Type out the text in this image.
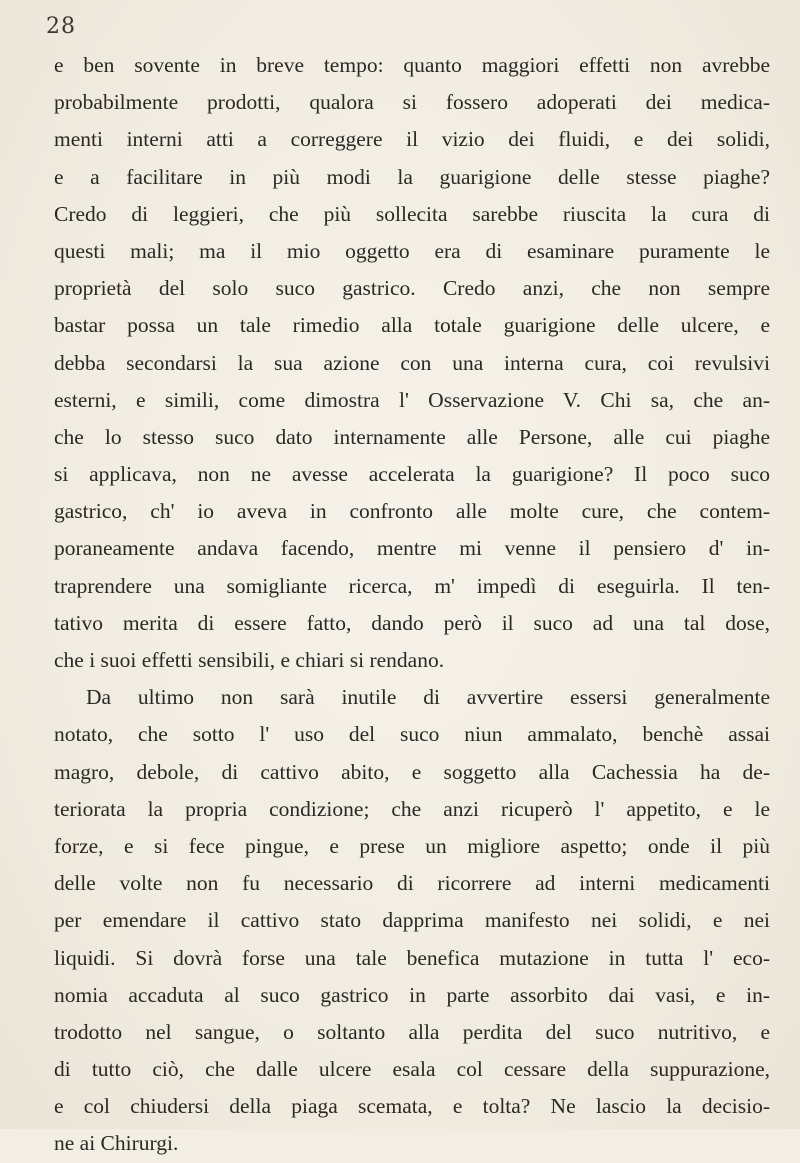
28
e ben sovente in breve tempo: quanto maggiori effetti non avrebbe
probabilmente prodotti, qualora si fossero adoperati dei medica-
menti interni atti a correggere il vizio dei fluidi, e dei solidi,
e a facilitare in più modi la guarigione delle stesse piaghe?
Credo di leggieri, che più sollecita sarebbe riuscita la cura di
questi mali; ma il mio oggetto era di esaminare puramente le
proprietà del solo suco gastrico. Credo anzi, che non sempre
bastar possa un tale rimedio alla totale guarigione delle ulcere, e
debba secondarsi la sua azione con una interna cura, coi revulsivi
esterni, e simili, come dimostra l' Osservazione V. Chi sa, che an-
che lo stesso suco dato internamente alle Persone, alle cui piaghe
si applicava, non ne avesse accelerata la guarigione? Il poco suco
gastrico, ch' io aveva in confronto alle molte cure, che contem-
poraneamente andava facendo, mentre mi venne il pensiero d' in-
traprendere una somigliante ricerca, m' impedì di eseguirla. Il ten-
tativo merita di essere fatto, dando però il suco ad una tal dose,
che i suoi effetti sensibili, e chiari si rendano.
Da ultimo non sarà inutile di avvertire essersi generalmente
notato, che sotto l' uso del suco niun ammalato, benchè assai
magro, debole, di cattivo abito, e soggetto alla Cachessia ha de-
teriorata la propria condizione; che anzi ricuperò l' appetito, e le
forze, e si fece pingue, e prese un migliore aspetto; onde il più
delle volte non fu necessario di ricorrere ad interni medicamenti
per emendare il cattivo stato dapprima manifesto nei solidi, e nei
liquidi. Si dovrà forse una tale benefica mutazione in tutta l' eco-
nomia accaduta al suco gastrico in parte assorbito dai vasi, e in-
trodotto nel sangue, o soltanto alla perdita del suco nutritivo, e
di tutto ciò, che dalle ulcere esala col cessare della suppurazione,
e col chiudersi della piaga scemata, e tolta? Ne lascio la decisio-
ne ai Chirurgi.
